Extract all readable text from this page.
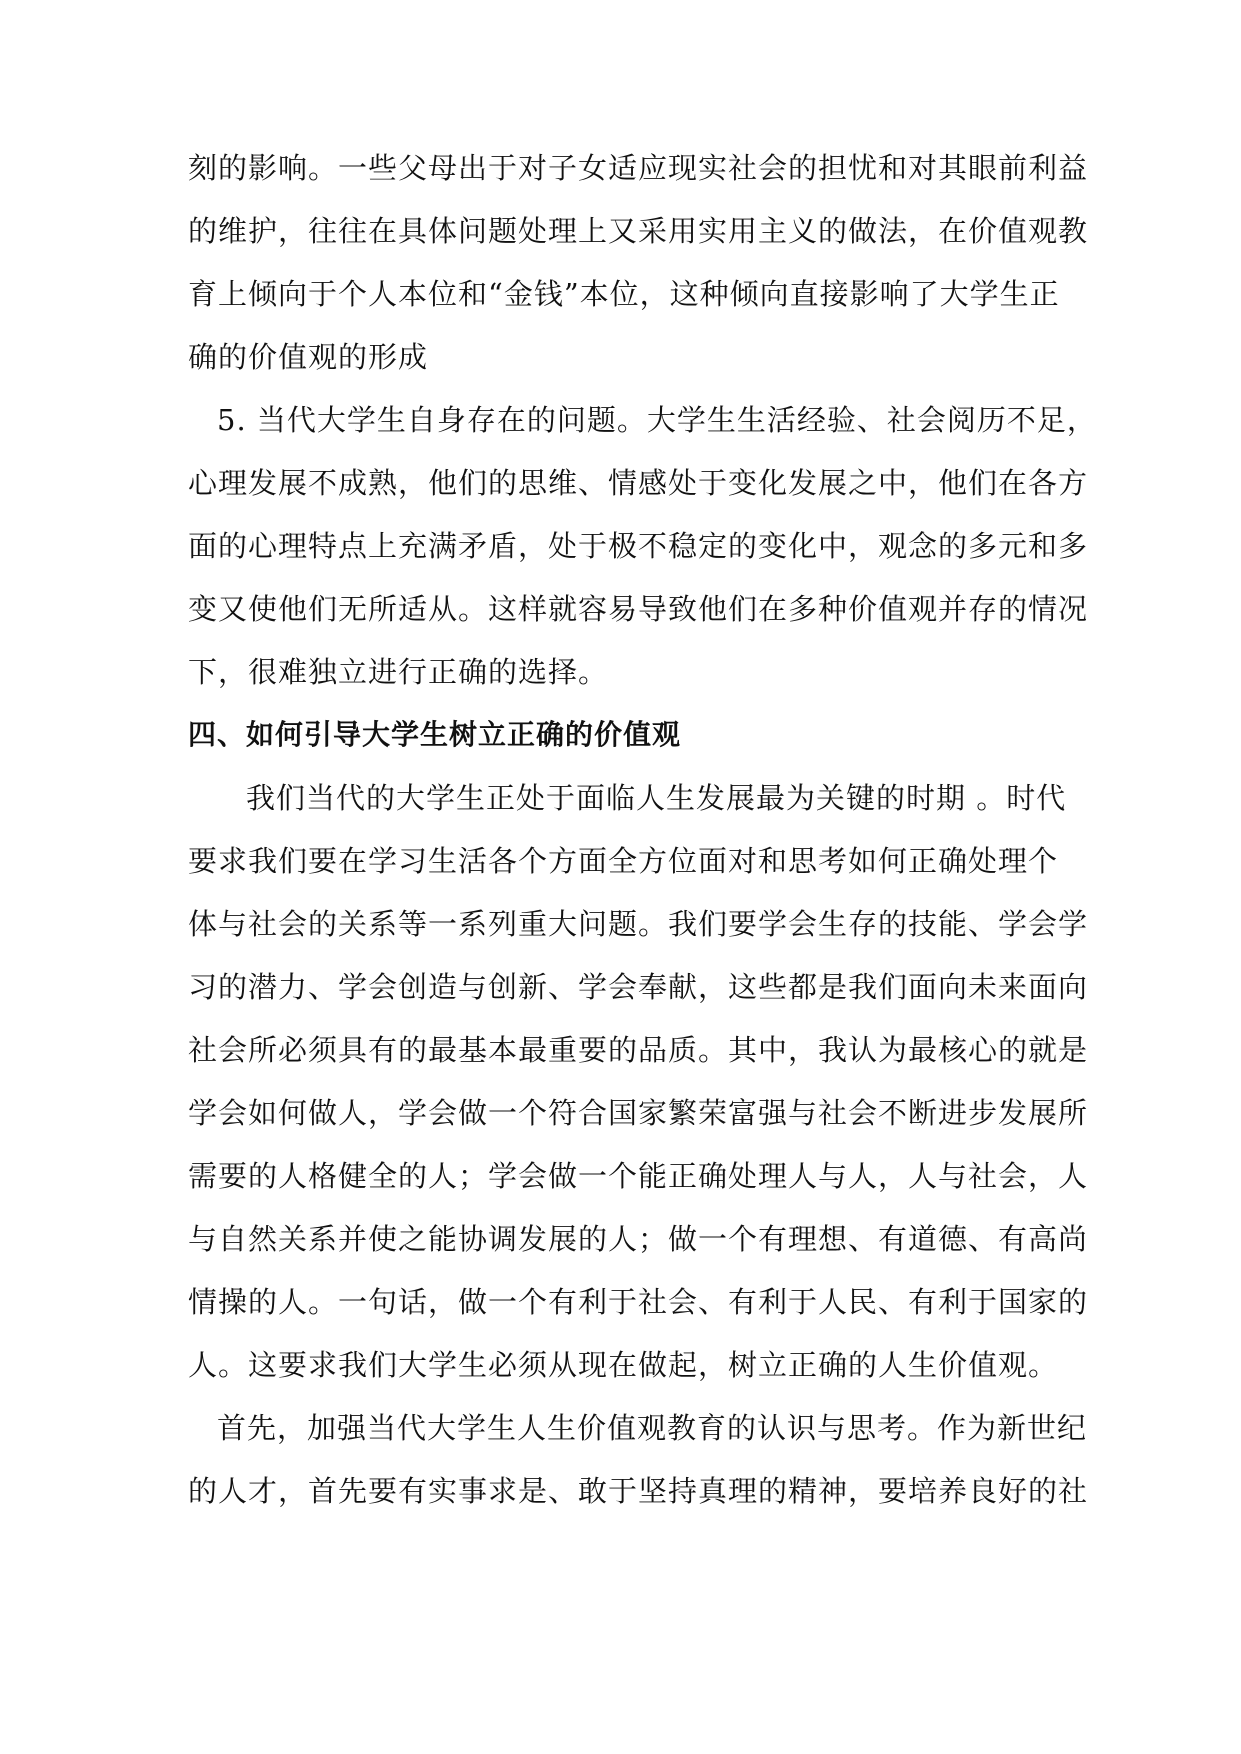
刻的影响。一些父母出于对子女适应现实社会的担忧和对其眼前利益
的维护，往往在具体问题处理上又采用实用主义的做法，在价值观教
育上倾向于个人本位和“金钱”本位，这种倾向直接影响了大学生正
确的价值观的形成
5. 当代大学生自身存在的问题。大学生生活经验、社会阅历不足，
心理发展不成熟，他们的思维、情感处于变化发展之中，他们在各方
面的心理特点上充满矛盾，处于极不稳定的变化中，观念的多元和多
变又使他们无所适从。这样就容易导致他们在多种价值观并存的情况
下，很难独立进行正确的选择。
四、如何引导大学生树立正确的价值观
我们当代的大学生正处于面临人生发展最为关键的时期 。时代
要求我们要在学习生活各个方面全方位面对和思考如何正确处理个
体与社会的关系等一系列重大问题。我们要学会生存的技能、学会学
习的潜力、学会创造与创新、学会奉献，这些都是我们面向未来面向
社会所必须具有的最基本最重要的品质。其中，我认为最核心的就是
学会如何做人，学会做一个符合国家繁荣富强与社会不断进步发展所
需要的人格健全的人；学会做一个能正确处理人与人，人与社会，人
与自然关系并使之能协调发展的人；做一个有理想、有道德、有高尚
情操的人。一句话，做一个有利于社会、有利于人民、有利于国家的
人。这要求我们大学生必须从现在做起，树立正确的人生价值观。
首先，加强当代大学生人生价值观教育的认识与思考。作为新世纪
的人才，首先要有实事求是、敢于坚持真理的精神，要培养良好的社
